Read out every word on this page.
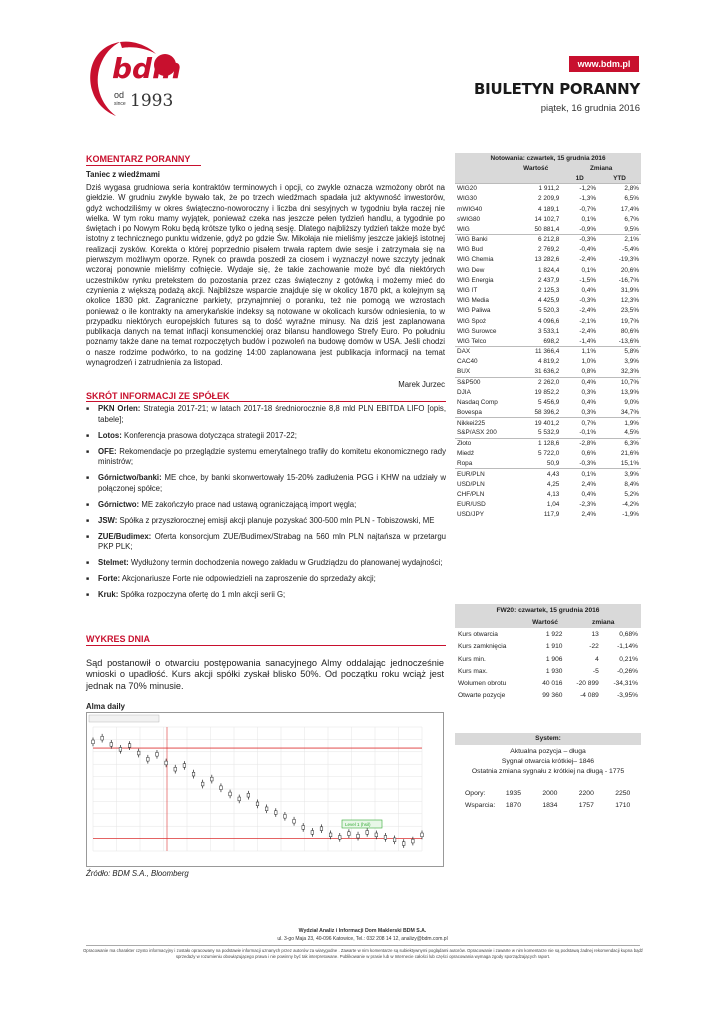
bdm
od
since 1993
www.bdm.pl
BIULETYN PORANNY
piątek, 16 grudnia 2016
KOMENTARZ PORANNY
Taniec z wiedźmami
Dziś wygasa grudniowa seria kontraktów terminowych i opcji, co zwykle oznacza wzmożony obrót na giełdzie. W grudniu zwykle bywało tak, że po trzech wiedźmach spadała już aktywność inwestorów, gdyż wchodziliśmy w okres świąteczno-noworoczny i liczba dni sesyjnych w tygodniu była raczej nie wielka. W tym roku mamy wyjątek, ponieważ czeka nas jeszcze pełen tydzień handlu, a tygodnie po świętach i po Nowym Roku będą krótsze tylko o jedną sesję. Dlatego najbliższy tydzień także może być istotny z technicznego punktu widzenie, gdyż po gdzie Św. Mikołaja nie mieliśmy jeszcze jakiejś istotnej realizacji zysków. Korekta o której poprzednio pisałem trwała raptem dwie sesje i zatrzymała się na pierwszym możliwym oporze. Rynek co prawda poszedł za ciosem i wyznaczył nowe szczyty jednak wczoraj ponownie mieliśmy cofnięcie. Wydaje się, że takie zachowanie może być dla niektórych uczestników rynku pretekstem do pozostania przez czas świąteczny z gotówką i możemy mieć do czynienia z większą podażą akcji. Najbliższe wsparcie znajduje się w okolicy 1870 pkt, a kolejnym są okolice 1830 pkt. Zagraniczne parkiety, przynajmniej o poranku, też nie pomogą we wzrostach ponieważ o ile kontrakty na amerykańskie indeksy są notowane w okolicach kursów odniesienia, to w przypadku niektórych europejskich futures są to dość wyraźne minusy. Na dziś jest zaplanowana publikacja danych na temat inflacji konsumenckiej oraz bilansu handlowego Strefy Euro. Po południu poznamy także dane na temat rozpoczętych budów i pozwoleń na budowę domów w USA. Jeśli chodzi o nasze rodzime podwórko, to na godzinę 14:00 zaplanowana jest publikacja informacji na temat wynagrodzeń i zatrudnienia za listopad.
Marek Jurzec
SKRÓT INFORMACJI ZE SPÓŁEK
■ PKN Orlen: Strategia 2017-21; w latach 2017-18 średniorocznie 8,8 mld PLN EBITDA LIFO [opis, tabele];
■ Lotos: Konferencja prasowa dotycząca strategii 2017-22;
■ OFE: Rekomendacje po przeglądzie systemu emerytalnego trafiły do komitetu ekonomicznego rady ministrów;
■ Górnictwo/banki: ME chce, by banki skonwertowały 15-20% zadłużenia PGG i KHW na udziały w połączonej spółce;
■ Górnictwo: ME zakończyło prace nad ustawą ograniczającą import węgla;
■ JSW: Spółka z przyszłorocznej emisji akcji planuje pozyskać 300-500 mln PLN - Tobiszowski, ME
■ ZUE/Budimex: Oferta konsorcjum ZUE/Budimex/Strabag na 560 mln PLN najtańsza w przetargu PKP PLK;
■ Stelmet: Wydłużony termin dochodzenia nowego zakładu w Grudziądzu do planowanej wydajności;
■ Forte: Akcjonariusze Forte nie odpowiedzieli na zaproszenie do sprzedaży akcji;
■ Kruk: Spółka rozpoczyna ofertę do 1 mln akcji serii G;
WYKRES DNIA
Sąd postanowił o otwarciu postępowania sanacyjnego Almy oddalając jednocześnie wnioski o upadłość. Kurs akcji spółki zyskał blisko 50%. Od początku roku wciąż jest jednak na 70% minusie.
Alma daily
Level 1 (hsil)
Źródło: BDM S.A., Bloomberg
Notowania: czwartek, 15 grudnia 2016			
	Wartość	Zmiana	
		1D	YTD
WIG20	1 911,2	-1,2%	2,8%
WIG30	2 209,9	-1,3%	6,5%
mWIG40	4 189,1	-0,7%	17,4%
sWIG80	14 102,7	0,1%	6,7%
WIG	50 881,4	-0,9%	9,5%
WIG Banki	6 212,8	-0,3%	2,1%
WIG Bud	2 769,2	-0,4%	-5,4%
WIG Chemia	13 282,6	-2,4%	-19,3%
WIG Dew	1 824,4	0,1%	20,6%
WIG Energia	2 437,9	-1,5%	-16,7%
WIG IT	2 125,3	0,4%	31,9%
WIG Media	4 425,9	-0,3%	12,3%
WIG Paliwa	5 520,3	-2,4%	23,5%
WIG Spoż	4 096,6	-2,1%	19,7%
WIG Surowce	3 533,1	-2,4%	80,6%
WIG Telco	698,2	-1,4%	-13,6%
DAX	11 366,4	1,1%	5,8%
CAC40	4 819,2	1,0%	3,9%
BUX	31 636,2	0,8%	32,3%
S&P500	2 262,0	0,4%	10,7%
DJIA	19 852,2	0,3%	13,9%
Nasdaq Comp	5 456,9	0,4%	9,0%
Bovespa	58 396,2	0,3%	34,7%
Nikkei225	19 401,2	0,7%	1,9%
S&P/ASX 200	5 532,9	-0,1%	4,5%
Złoto	1 128,6	-2,8%	6,3%
Miedź	5 722,0	0,6%	21,6%
Ropa	50,9	-0,3%	15,1%
EUR/PLN	4,43	0,1%	3,9%
USD/PLN	4,25	2,4%	8,4%
CHF/PLN	4,13	0,4%	5,2%
EUR/USD	1,04	-2,3%	-4,2%
USD/JPY	117,9	2,4%	-1,9%
FW20: czwartek, 15 grudnia 2016			
	Wartość	zmiana	
Kurs otwarcia	1 922	13	0,68%
Kurs zamknięcia	1 910	-22	-1,14%
Kurs min.	1 906	4	0,21%
Kurs max.	1 930	-5	-0,26%
Wolumen obrotu	40 016	-20 899	-34,31%
Otwarte pozycje	99 360	-4 089	-3,95%
System:
Aktualna pozycja – długa
Sygnał otwarcia krótkiej– 1846
Ostatnia zmiana sygnału z krótkiej na długą - 1775
Opory:	1935	2000	2200	2250
Wsparcia:	1870	1834	1757	1710
Wydział Analiz i Informacji Dom Maklerski BDM S.A.
ul. 3-go Maja 23, 40-096 Katowice, Tel.: 032 208 14 12, analizy@bdm.com.pl
Opracowanie ma charakter czysto informacyjny i zostało opracowany na podstawie informacji uznanych przez autorów za wiarygodne . Zawarte w nim komentarze są subiektywnymi poglądami autorów. Opracowanie i zawarte w nim komentarze nie są podstawą żadnej rekomendacji kupna bądź sprzedaży w rozumieniu obowiązującego prawa i nie powinny być tak interpretowane. Publikowanie w prasie lub w Internecie całości lub części opracowania wymaga zgody sporządzających raport.
